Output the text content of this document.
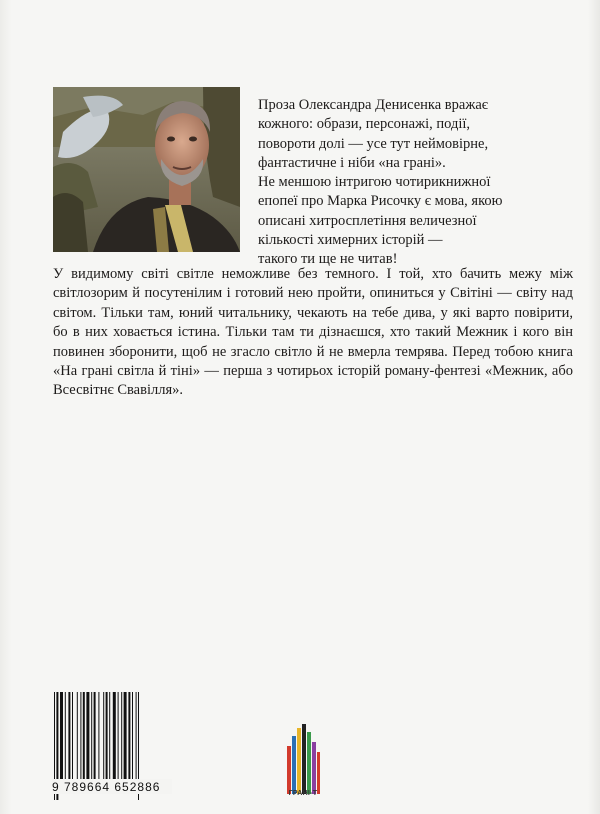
Проза Олександра Денисенка вражає

кожного: образи, персонажі, події,

повороти долі — усе тут неймовірне,

фантастичне і ніби «на грані».

Не меншою інтригою чотирикнижної

епопеї про Марка Рисочку є мова, якою

описані хитросплетіння величезної

кількості химерних історій —

такого ти ще не читав!

У видимому світі світле неможливе без темного. І той, хто бачить межу між світлозорим й посутенілим і готовий нею пройти, опиниться у Світіні — світу над світом. Тільки там, юний читальнику, чекають на тебе дива, у які варто повірити, бо в них ховається істина. Тільки там ти дізнаєшся, хто такий Межник і кого він повинен зборонити, щоб не згасло світло й не вмерла темрява. Перед тобою книга «На грані світла й тіні» — перша з чотирьох історій роману-фентезі «Межник, або Всесвітнє Свавілля».

9 789664 652886	ГРАНІ-Т
